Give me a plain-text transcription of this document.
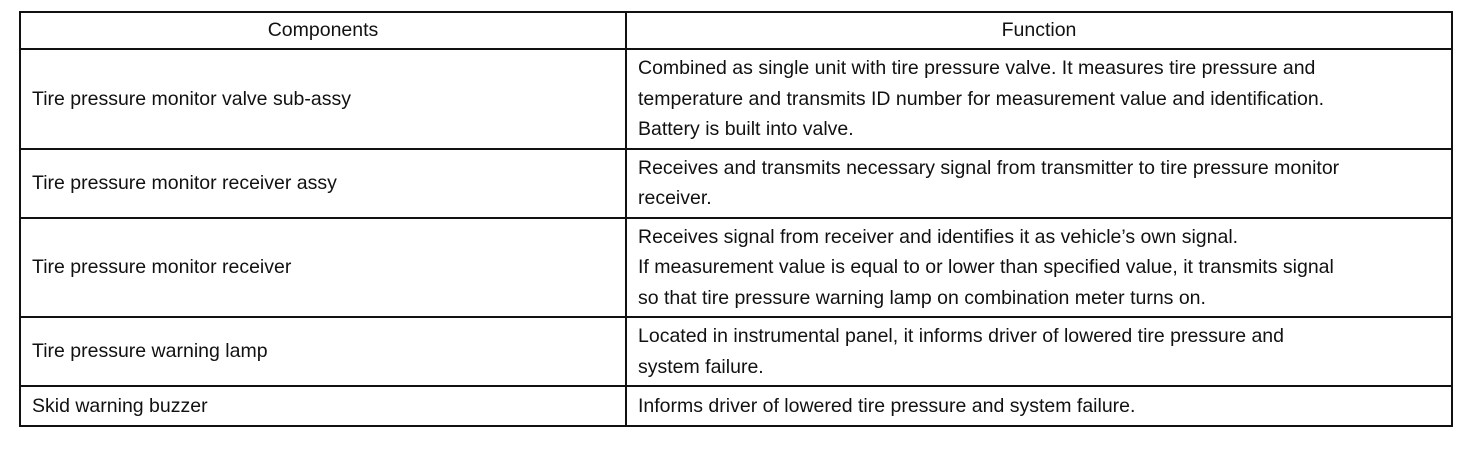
Components	Function
Tire pressure monitor valve sub-assy	Combined as single unit with tire pressure valve. It measures tire pressure and
temperature and transmits ID number for measurement value and identification.
Battery is built into valve.
Tire pressure monitor receiver assy	Receives and transmits necessary signal from transmitter to tire pressure monitor
receiver.
Tire pressure monitor receiver	Receives signal from receiver and identifies it as vehicle’s own signal.
If measurement value is equal to or lower than specified value, it transmits signal
so that tire pressure warning lamp on combination meter turns on.
Tire pressure warning lamp	Located in instrumental panel, it informs driver of lowered tire pressure and
system failure.
Skid warning buzzer	Informs driver of lowered tire pressure and system failure.
